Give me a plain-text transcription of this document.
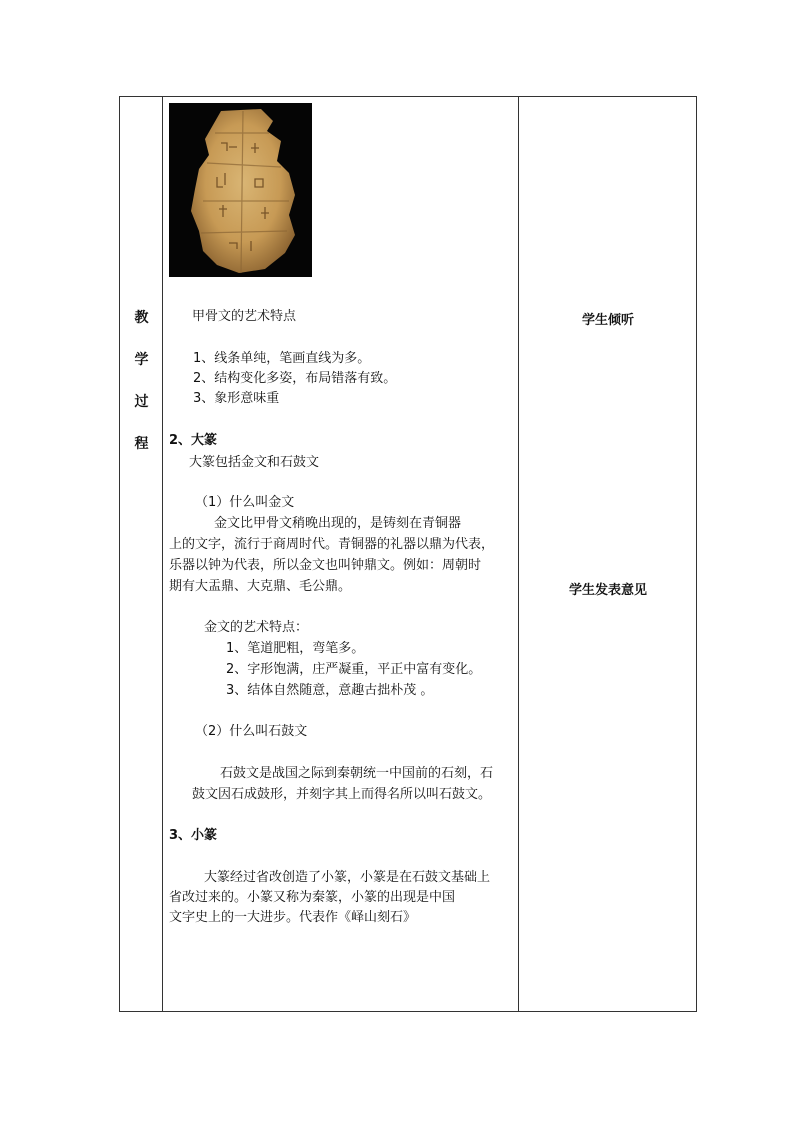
教
学
过
程
甲骨文的艺术特点
1、线条单纯，笔画直线为多。
2、结构变化多姿，布局错落有致。
3、象形意味重
2、大篆
大篆包括金文和石鼓文
（1）什么叫金文
金文比甲骨文稍晚出现的，是铸刻在青铜器
上的文字，流行于商周时代。青铜器的礼器以鼎为代表，
乐器以钟为代表，所以金文也叫钟鼎文。例如：周朝时
期有大盂鼎、大克鼎、毛公鼎。
金文的艺术特点：
1、笔道肥粗，弯笔多。
2、字形饱满，庄严凝重，平正中富有变化。
3、结体自然随意，意趣古拙朴茂 。
（2）什么叫石鼓文
石鼓文是战国之际到秦朝统一中国前的石刻，石
鼓文因石成鼓形，并刻字其上而得名所以叫石鼓文。
3、小篆
大篆经过省改创造了小篆，小篆是在石鼓文基础上
省改过来的。小篆又称为秦篆，小篆的出现是中国
文字史上的一大进步。代表作《峄山刻石》
学生倾听
学生发表意见
